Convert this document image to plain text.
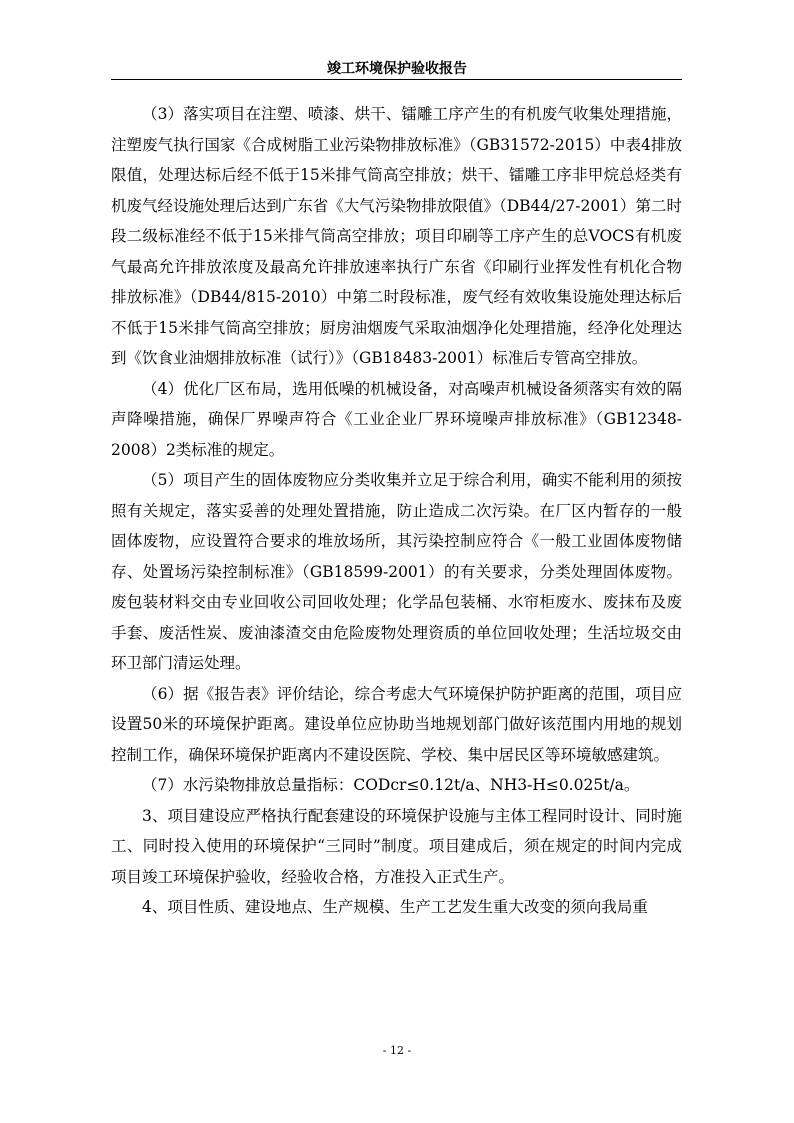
竣工环境保护验收报告

（3）落实项目在注塑、喷漆、烘干、镭雕工序产生的有机废气收集处理措施，注塑废气执行国家《合成树脂工业污染物排放标准》（GB31572-2015）中表4排放限值，处理达标后经不低于15米排气筒高空排放；烘干、镭雕工序非甲烷总烃类有机废气经设施处理后达到广东省《大气污染物排放限值》（DB44/27-2001）第二时段二级标准经不低于15米排气筒高空排放；项目印刷等工序产生的总VOCS有机废气最高允许排放浓度及最高允许排放速率执行广东省《印刷行业挥发性有机化合物排放标准》（DB44/815-2010）中第二时段标准，废气经有效收集设施处理达标后不低于15米排气筒高空排放；厨房油烟废气采取油烟净化处理措施，经净化处理达到《饮食业油烟排放标准（试行）》（GB18483-2001）标准后专管高空排放。

（4）优化厂区布局，选用低噪的机械设备，对高噪声机械设备须落实有效的隔声降噪措施，确保厂界噪声符合《工业企业厂界环境噪声排放标准》（GB12348-2008）2类标准的规定。

（5）项目产生的固体废物应分类收集并立足于综合利用，确实不能利用的须按照有关规定，落实妥善的处理处置措施，防止造成二次污染。在厂区内暂存的一般固体废物，应设置符合要求的堆放场所，其污染控制应符合《一般工业固体废物储存、处置场污染控制标准》（GB18599-2001）的有关要求，分类处理固体废物。废包装材料交由专业回收公司回收处理；化学品包装桶、水帘柜废水、废抹布及废手套、废活性炭、废油漆渣交由危险废物处理资质的单位回收处理；生活垃圾交由环卫部门清运处理。

（6）据《报告表》评价结论，综合考虑大气环境保护防护距离的范围，项目应设置50米的环境保护距离。建设单位应协助当地规划部门做好该范围内用地的规划控制工作，确保环境保护距离内不建设医院、学校、集中居民区等环境敏感建筑。

（7）水污染物排放总量指标：CODcr≤0.12t/a、NH3-H≤0.025t/a。

3、项目建设应严格执行配套建设的环境保护设施与主体工程同时设计、同时施工、同时投入使用的环境保护“三同时”制度。项目建成后，须在规定的时间内完成项目竣工环境保护验收，经验收合格，方准投入正式生产。

4、项目性质、建设地点、生产规模、生产工艺发生重大改变的须向我局重

- 12 -
